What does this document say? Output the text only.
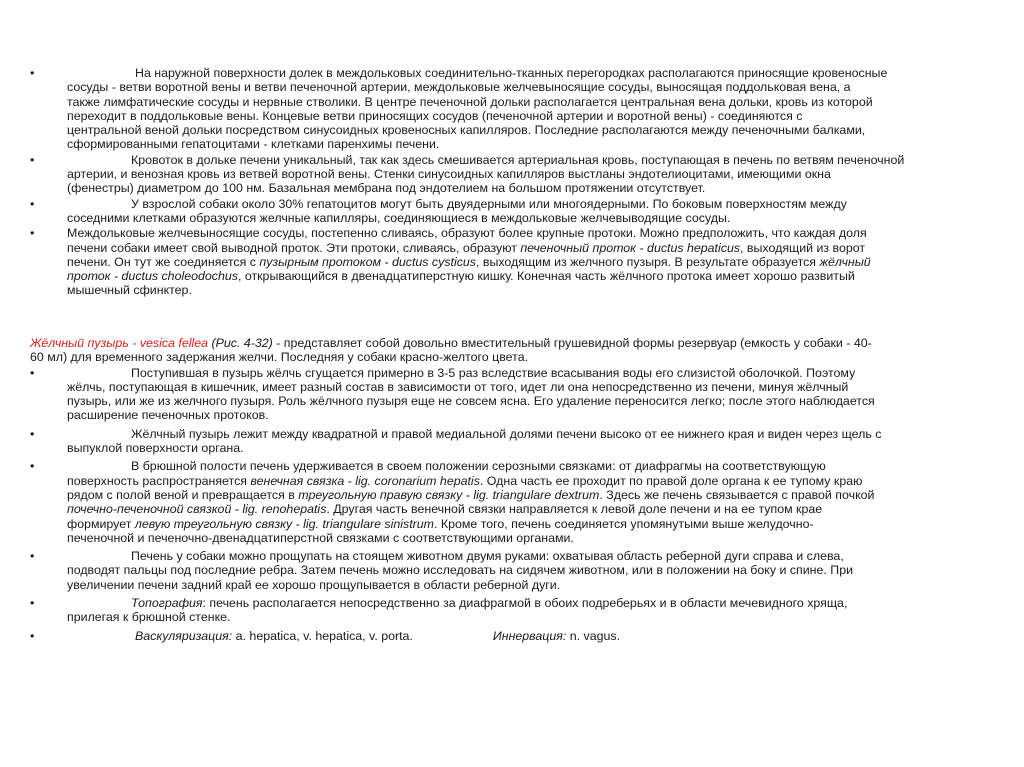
•	На наружной поверхности долек в междольковых соединительно-тканных перегородках располагаются приносящие кровеносные
сосуды - ветви воротной вены и ветви печеночной артерии, междольковые желчевыносящие сосуды, выносящая поддольковая вена, а
также лимфатические сосуды и нервные стволики. В центре печеночной дольки располагается центральная вена дольки, кровь из которой
переходит в поддольковые вены. Концевые ветви приносящих сосудов (печеночной артерии и воротной вены) - соединяются с
центральной веной дольки посредством синусоидных кровеносных капилляров. Последние располагаются между печеночными балками,
сформированными гепатоцитами - клетками паренхимы печени.
•	Кровоток в дольке печени уникальный, так как здесь смешивается артериальная кровь, поступающая в печень по ветвям печеночной
артерии, и венозная кровь из ветвей воротной вены. Стенки синусоидных капилляров выстланы эндотелиоцитами, имеющими окна
(фенестры) диаметром до 100 нм. Базальная мембрана под эндотелием на большом протяжении отсутствует.
•	У взрослой собаки около 30% гепатоцитов могут быть двуядерными или многоядерными. По боковым поверхностям между
соседними клетками образуются желчные капилляры, соединяющиеся в междольковые желчевыводящие сосуды.
•	Междольковые желчевыносящие сосуды, постепенно сливаясь, образуют более крупные протоки. Можно предположить, что каждая доля
печени собаки имеет свой выводной проток. Эти протоки, сливаясь, образуют печеночный проток - ductus hepaticus, выходящий из ворот
печени. Он тут же соединяется с пузырным протоком - ductus cysticus, выходящим из желчного пузыря. В результате образуется жёлчный
проток - ductus choleodochus, открывающийся в двенадцатиперстную кишку. Конечная часть жёлчного протока имеет хорошо развитый
мышечный сфинктер.
Жёлчный пузырь - vesica fellea (Рис. 4-32) - представляет собой довольно вместительный грушевидной формы резервуар (емкость у собаки - 40-
60 мл) для временного задержания желчи. Последняя у собаки красно-желтого цвета.
•	Поступившая в пузырь жёлчь сгущается примерно в 3-5 раз вследствие всасывания воды его слизистой оболочкой. Поэтому
жёлчь, поступающая в кишечник, имеет разный состав в зависимости от того, идет ли она непосредственно из печени, минуя жёлчный
пузырь, или же из желчного пузыря. Роль жёлчного пузыря еще не совсем ясна. Его удаление переносится легко; после этого наблюдается
расширение печеночных протоков.
•	Жёлчный пузырь лежит между квадратной и правой медиальной долями печени высоко от ее нижнего края и виден через щель с
выпуклой поверхности органа.
•	В брюшной полости печень удерживается в своем положении серозными связками: от диафрагмы на соответствующую
поверхность распространяется венечная связка - lig. coronarium hepatis. Одна часть ее проходит по правой доле органа к ее тупому краю
рядом с полой веной и превращается в треугольную правую связку - lig. triangulare dextrum. Здесь же печень связывается с правой почкой
почечно-печеночной связкой - lig. renohepatis. Другая часть венечной связки направляется к левой доле печени и на ее тупом крае
формирует левую треугольную связку - lig. triangulare sinistrum. Кроме того, печень соединяется упомянутыми выше желудочно-
печеночной и печеночно-двенадцатиперстной связками с соответствующими органами.
•	Печень у собаки можно прощупать на стоящем животном двумя руками: охватывая область реберной дуги справа и слева,
подводят пальцы под последние ребра. Затем печень можно исследовать на сидячем животном, или в положении на боку и спине. При
увеличении печени задний край ее хорошо прощупывается в области реберной дуги.
•	Топография: печень располагается непосредственно за диафрагмой в обоих подреберьях и в области мечевидного хряща,
прилегая к брюшной стенке.
•	Васкуляризация: a. hepatica, v. hepatica, v. porta.	Иннервация: n. vagus.
